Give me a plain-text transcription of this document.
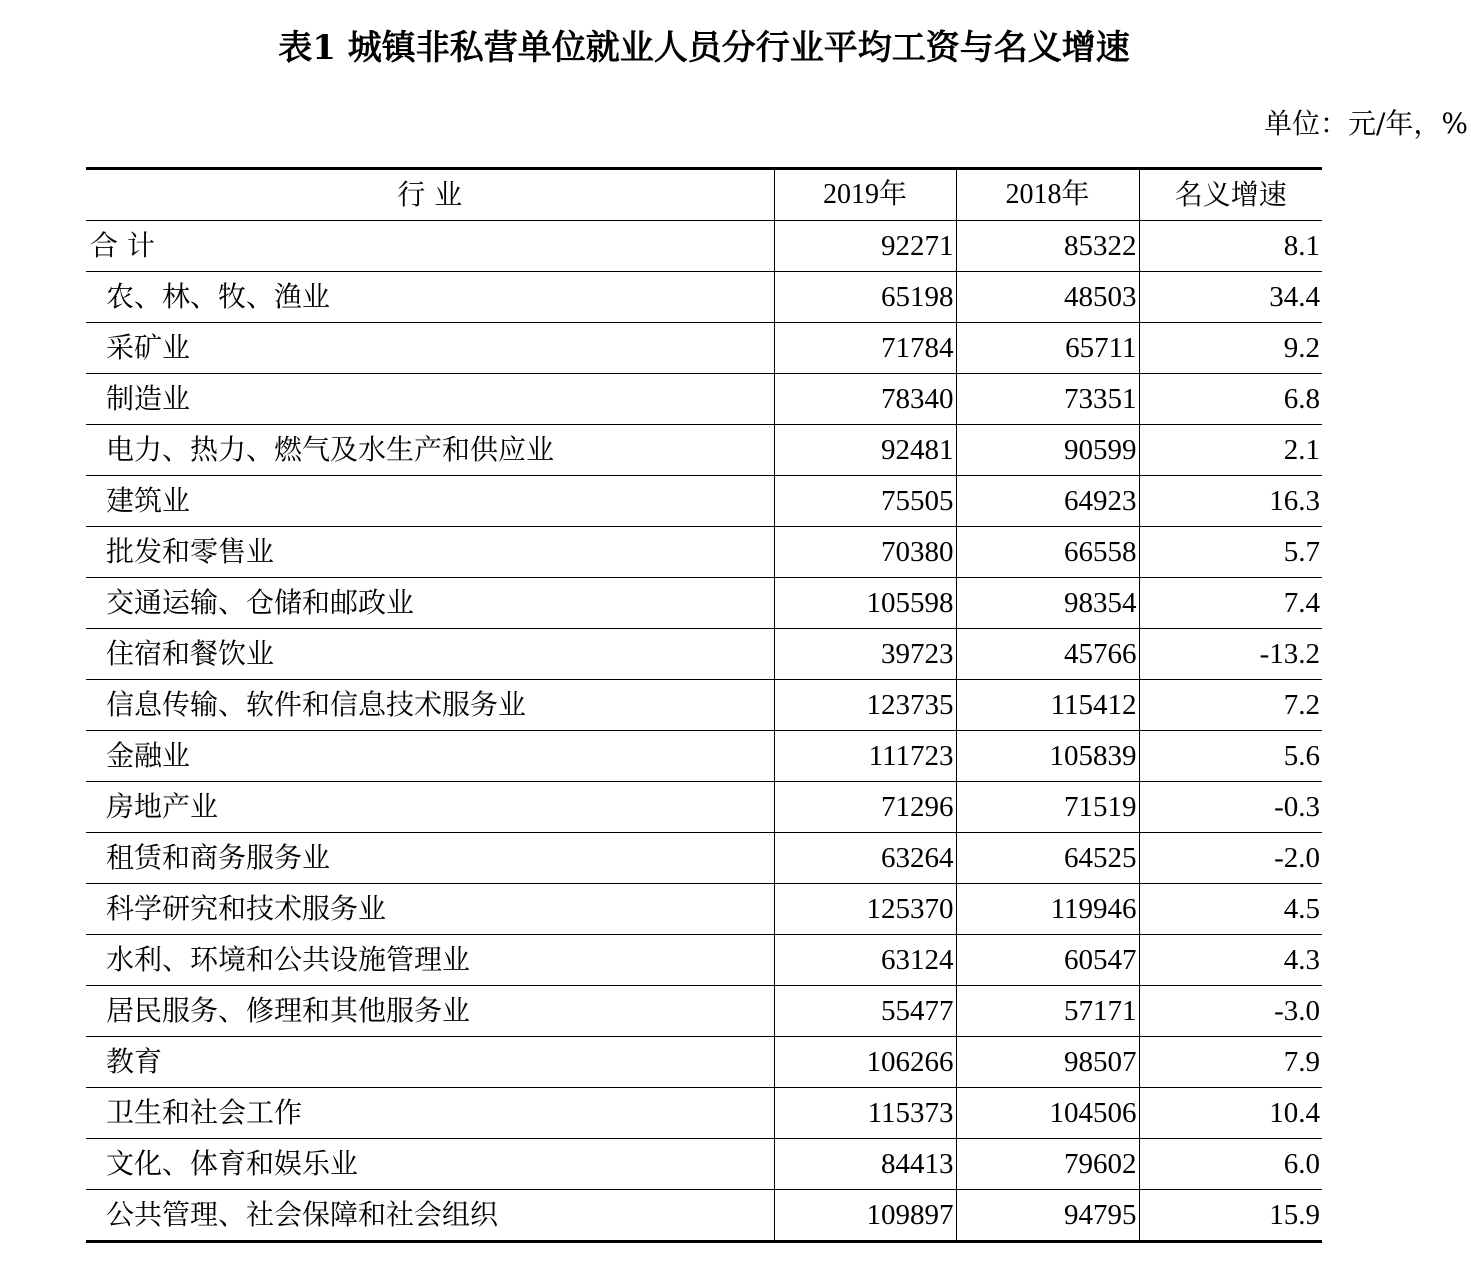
表1 城镇非私营单位就业人员分行业平均工资与名义增速
单位：元/年，%
行 业	2019年	2018年	名义增速
合 计	92271	85322	8.1
农、林、牧、渔业	65198	48503	34.4
采矿业	71784	65711	9.2
制造业	78340	73351	6.8
电力、热力、燃气及水生产和供应业	92481	90599	2.1
建筑业	75505	64923	16.3
批发和零售业	70380	66558	5.7
交通运输、仓储和邮政业	105598	98354	7.4
住宿和餐饮业	39723	45766	-13.2
信息传输、软件和信息技术服务业	123735	115412	7.2
金融业	111723	105839	5.6
房地产业	71296	71519	-0.3
租赁和商务服务业	63264	64525	-2.0
科学研究和技术服务业	125370	119946	4.5
水利、环境和公共设施管理业	63124	60547	4.3
居民服务、修理和其他服务业	55477	57171	-3.0
教育	106266	98507	7.9
卫生和社会工作	115373	104506	10.4
文化、体育和娱乐业	84413	79602	6.0
公共管理、社会保障和社会组织	109897	94795	15.9
